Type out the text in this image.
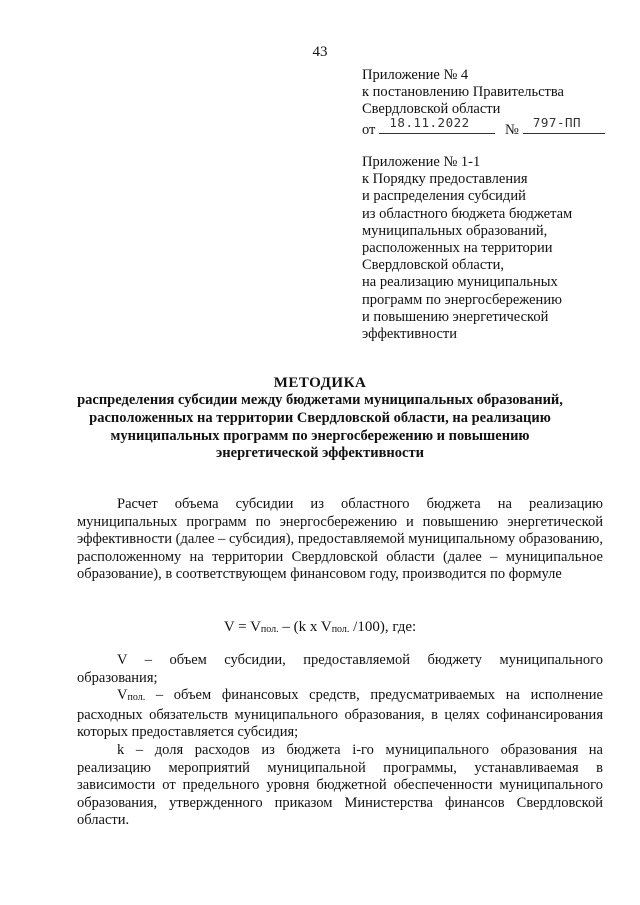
43
Приложение № 4
к постановлению Правительства
Свердловской области
от 18.11.2022 № 797-ПП
Приложение № 1-1
к Порядку предоставления
и распределения субсидий
из областного бюджета бюджетам
муниципальных образований,
расположенных на территории
Свердловской области,
на реализацию муниципальных
программ по энергосбережению
и повышению энергетической
эффективности
МЕТОДИКА
распределения субсидии между бюджетами муниципальных образований,
расположенных на территории Свердловской области, на реализацию
муниципальных программ по энергосбережению и повышению
энергетической эффективности
Расчет объема субсидии из областного бюджета на реализацию муниципальных программ по энергосбережению и повышению энергетической эффективности (далее – субсидия), предоставляемой муниципальному образованию, расположенному на территории Свердловской области (далее – муниципальное образование), в соответствующем финансовом году, производится по формуле
$V = V_{пол.} - (k$ x $V_{пол.}$ /100), где:

V – объем субсидии, предоставляемой бюджету муниципального образования;

$V_{пол.}$ – объем финансовых средств, предусматриваемых на исполнение расходных обязательств муниципального образования, в целях софинансирования которых предоставляется субсидия;

k – доля расходов из бюджета i-го муниципального образования на реализацию мероприятий муниципальной программы, устанавливаемая в зависимости от предельного уровня бюджетной обеспеченности муниципального образования, утвержденного приказом Министерства финансов Свердловской области.
